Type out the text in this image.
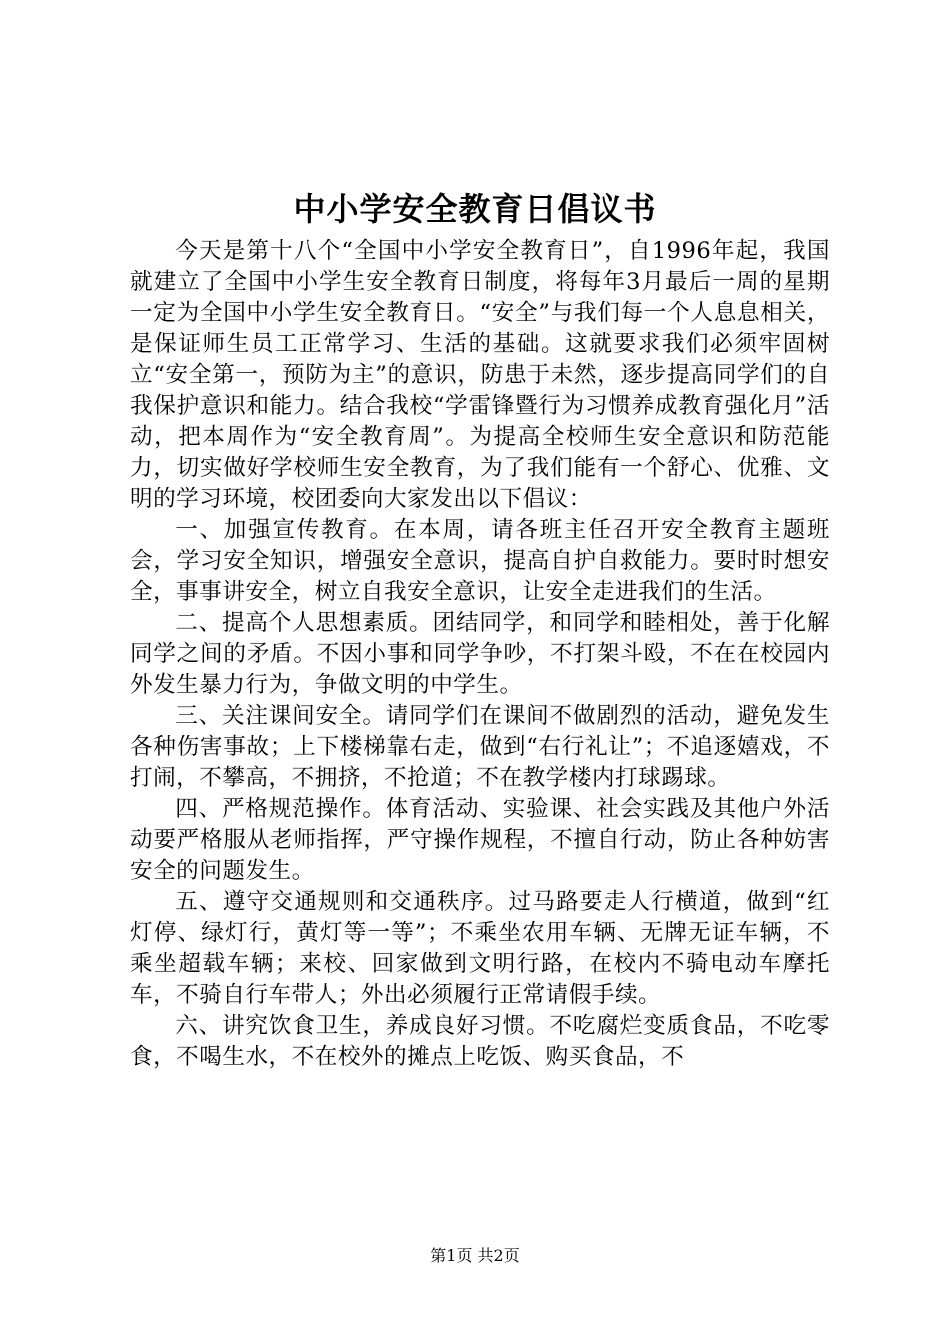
中小学安全教育日倡议书

今天是第十八个“全国中小学安全教育日”，自1996年起，我国就建立了全国中小学生安全教育日制度，将每年3月最后一周的星期一定为全国中小学生安全教育日。“安全”与我们每一个人息息相关，是保证师生员工正常学习、生活的基础。这就要求我们必须牢固树立“安全第一，预防为主”的意识，防患于未然，逐步提高同学们的自我保护意识和能力。结合我校“学雷锋暨行为习惯养成教育强化月”活动，把本周作为“安全教育周”。为提高全校师生安全意识和防范能力，切实做好学校师生安全教育，为了我们能有一个舒心、优雅、文明的学习环境，校团委向大家发出以下倡议：

一、加强宣传教育。在本周，请各班主任召开安全教育主题班会，学习安全知识，增强安全意识，提高自护自救能力。要时时想安全，事事讲安全，树立自我安全意识，让安全走进我们的生活。

二、提高个人思想素质。团结同学，和同学和睦相处，善于化解同学之间的矛盾。不因小事和同学争吵，不打架斗殴，不在在校园内外发生暴力行为，争做文明的中学生。

三、关注课间安全。请同学们在课间不做剧烈的活动，避免发生各种伤害事故；上下楼梯靠右走，做到“右行礼让”；不追逐嬉戏，不打闹，不攀高，不拥挤，不抢道；不在教学楼内打球踢球。

四、严格规范操作。体育活动、实验课、社会实践及其他户外活动要严格服从老师指挥，严守操作规程，不擅自行动，防止各种妨害安全的问题发生。

五、遵守交通规则和交通秩序。过马路要走人行横道，做到“红灯停、绿灯行，黄灯等一等”；不乘坐农用车辆、无牌无证车辆，不乘坐超载车辆；来校、回家做到文明行路，在校内不骑电动车摩托车，不骑自行车带人；外出必须履行正常请假手续。

六、讲究饮食卫生，养成良好习惯。不吃腐烂变质食品，不吃零食，不喝生水，不在校外的摊点上吃饭、购买食品，不

第1页 共2页
